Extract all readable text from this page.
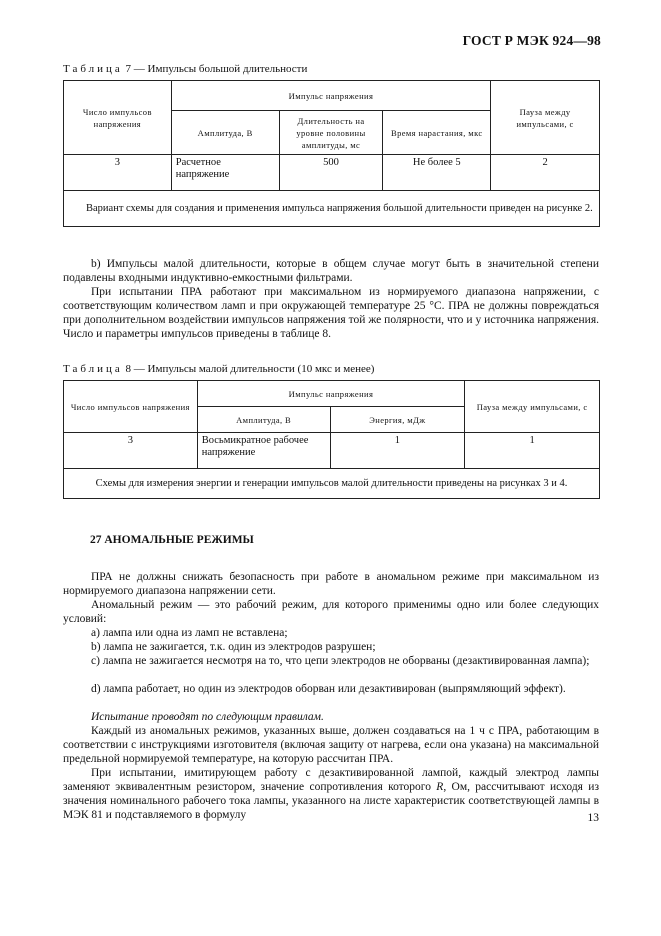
ГОСТ Р МЭК 924—98
Таблица 7 — Импульсы большой длительности
Число импульсов напряжения	Импульс напряжения			Пауза между импульсами, с
	Амплитуда, В	Длительность на уровне половины амплитуды, мс	Время нарастания, мкс	
3	Расчетное напряжение	500	Не более 5	2
Вариант схемы для создания и применения импульса напряжения большой длительности приведен на рисунке 2.				
b) Импульсы малой длительности, которые в общем случае могут быть в значительной степени подавлены входными индуктивно-емкостными фильтрами.
При испытании ПРА работают при максимальном из нормируемого диапазона напряжении, с соответствующим количеством ламп и при окружающей температуре 25 °С. ПРА не должны повреждаться при дополнительном воздействии импульсов напряжения той же полярности, что и у источника напряжения. Число и параметры импульсов приведены в таблице 8.
Таблица 8 — Импульсы малой длительности (10 мкс и менее)
Число импульсов напряжения	Импульс напряжения		Пауза между импульсами, с
	Амплитуда, В	Энергия, мДж	
3	Восьмикратное рабочее напряжение	1	1
Схемы для измерения энергии и генерации импульсов малой длительности приведены на рисунках 3 и 4.			
27 АНОМАЛЬНЫЕ РЕЖИМЫ
ПРА не должны снижать безопасность при работе в аномальном режиме при максимальном из нормируемого диапазона напряжении сети.
Аномальный режим — это рабочий режим, для которого применимы одно или более следующих условий:
а) лампа или одна из ламп не вставлена;
b) лампа не зажигается, т.к. один из электродов разрушен;
с) лампа не зажигается несмотря на то, что цепи электродов не оборваны (дезактивированная лампа);
d) лампа работает, но один из электродов оборван или дезактивирован (выпрямляющий эффект).
Испытание проводят по следующим правилам.
Каждый из аномальных режимов, указанных выше, должен создаваться на 1 ч с ПРА, работающим в соответствии с инструкциями изготовителя (включая защиту от нагрева, если она указана) на максимальной предельной нормируемой температуре, на которую рассчитан ПРА.
При испытании, имитирующем работу с дезактивированной лампой, каждый электрод лампы заменяют эквивалентным резистором, значение сопротивления которого R, Ом, рассчитывают исходя из значения номинального рабочего тока лампы, указанного на листе характеристик соответствующей лампы в МЭК 81 и подставляемого в формулу	13
